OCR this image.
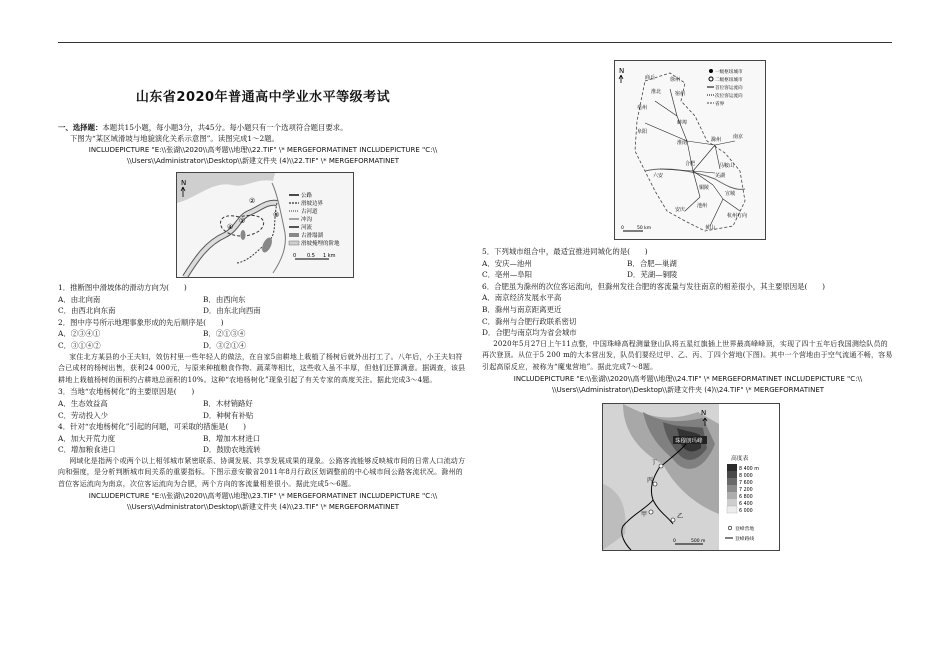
山东省2020年普通高中学业水平等级考试

一、选择题：本题共15小题，每小题3分，共45分。每小题只有一个选项符合题目要求。

下图为“某区域滑坡与地貌演化关系示意图”。读图完成1～2题。

INCLUDEPICTURE "E:\\张湖\\2020\\高考题\\地理\\22.TIF" \* MERGEFORMATINET INCLUDEPICTURE "C:\\

\\Users\\Administrator\\Desktop\\新建文件夹 (4)\\22.TIF" \* MERGEFORMATINET

①
②
③
④
N
公路
滑坡边界
古河道
冲沟
河流
古滑塌湖
滑坡掩埋的阶地
0 0.5 1 km

1．推断图中滑坡体的滑动方向为(　　)

A．由北向南	B．由西向东
C．由西北向东南	D．由东北向西南

2．图中序号所示地理事象形成的先后顺序是(　　)

A．②③④①	B．②①③④
C．③①④②	D．③②①④

家住北方某县的小王夫妇，效仿村里一些年轻人的做法，在自家5亩耕地上栽植了杨树后就外出打工了。八年后，小王夫妇符合已成材的杨树出售，获利24 000元，与原来种植粮食作物、蔬菜等相比，这些收入虽不丰厚，但他们还算满意。据调查，该县耕地上栽植杨树的面积约占耕地总面积的10%。这种“农地杨树化”现象引起了有关专家的高度关注。据此完成3～4题。

3．当地“农地杨树化”的主要原因是(　　)

A．生态效益高	B．木材销路好
C．劳动投入少	D．种树有补贴

4．针对“农地杨树化”引起的问题，可采取的措施是(　　)

A．加大开荒力度	B．增加木材进口
C．增加粮食进口	D．鼓励农地流转

网域化是指两个或两个以上相邻城市紧密联系、协调发展、共享发展成果的现象。公路客流能够反映城市间的日常人口流动方向和强度，是分析判断城市间关系的重要指标。下图示意安徽省2011年8月行政区划调整前的中心城市间公路客流状况。滁州的首位客运流向为南京，次位客运流向为合肥，两个方向的客流量相差很小。据此完成5～6题。

INCLUDEPICTURE "E:\\张湖\\2020\\高考题\\地理\\23.TIF" \* MERGEFORMATINET INCLUDEPICTURE "C:\\

\\Users\\Administrator\\Desktop\\新建文件夹 (4)\\23.TIF" \* MERGEFORMATINET

商丘	徐州
淮北	宿州
亳州
蚌埠
阜阳
淮南	滁州 南京
合肥	马鞍山
六安	芜湖
铜陵
宣城
安庆
池州
杭州方向
黄山
N	一级枢纽城市
二级枢纽城市
首位客运流向
次位客运流向
省界
0	50 km

5．下列城市组合中，最适宜推进同城化的是(　　)

A．安庆—池州	B．合肥—巢湖
C．亳州—阜阳	D．芜湖—铜陵

6．合肥虽为滁州的次位客运流向，但滁州发往合肥的客流量与发往南京的相差很小，其主要原因是(　　)

A．南京经济发展水平高
B．滁州与南京距离更近
C．滁州与合肥行政联系密切
D．合肥与南京均为省会城市

2020年5月27日上午11点整，中国珠峰高程测量登山队将五星红旗插上世界最高峰峰顶，实现了四十五年后我国测绘队员的再次登顶。从位于5 200 m的大本营出发，队员们要经过甲、乙、丙、丁四个营地(下图)。其中一个营地由于空气流通不畅，容易引起高原反应，被称为“魔鬼营地”。据此完成7～8题。

INCLUDEPICTURE "E:\\张湖\\2020\\高考题\\地理\\24.TIF" \* MERGEFORMATINET INCLUDEPICTURE "C:\\

\\Users\\Administrator\\Desktop\\新建文件夹 (4)\\24.TIF" \* MERGEFORMATINET

珠穆朗玛峰
丁
丙
乙
甲
N
高度表
8 400 m
8 000
7 600
7 200
6 800
6 400
6 000
登峰营地
登峰路线
0	500 m
